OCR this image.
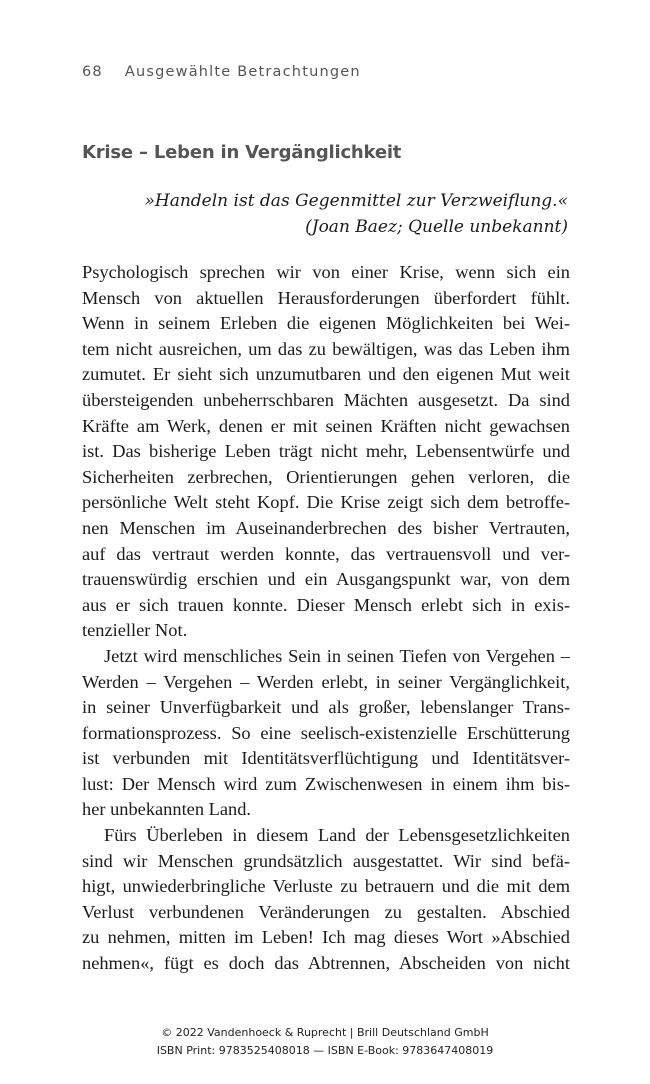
68 Ausgewählte Betrachtungen
Krise – Leben in Vergänglichkeit
»Handeln ist das Gegenmittel zur Verzweiflung.«
(Joan Baez; Quelle unbekannt)
Psychologisch sprechen wir von einer Krise, wenn sich ein
Mensch von aktuellen Herausforderungen überfordert fühlt.
Wenn in seinem Erleben die eigenen Möglichkeiten bei Wei-
tem nicht ausreichen, um das zu bewältigen, was das Leben ihm
zumutet. Er sieht sich unzumutbaren und den eigenen Mut weit
übersteigenden unbeherrschbaren Mächten ausgesetzt. Da sind
Kräfte am Werk, denen er mit seinen Kräften nicht gewachsen
ist. Das bisherige Leben trägt nicht mehr, Lebensentwürfe und
Sicherheiten zerbrechen, Orientierungen gehen verloren, die
persönliche Welt steht Kopf. Die Krise zeigt sich dem betroffe-
nen Menschen im Auseinanderbrechen des bisher Vertrauten,
auf das vertraut werden konnte, das vertrauensvoll und ver-
trauenswürdig erschien und ein Ausgangspunkt war, von dem
aus er sich trauen konnte. Dieser Mensch erlebt sich in exis-
tenzieller Not.
Jetzt wird menschliches Sein in seinen Tiefen von Vergehen –
Werden – Vergehen – Werden erlebt, in seiner Vergänglichkeit,
in seiner Unverfügbarkeit und als großer, lebenslanger Trans-
formationsprozess. So eine seelisch-existenzielle Erschütterung
ist verbunden mit Identitätsverflüchtigung und Identitätsver-
lust: Der Mensch wird zum Zwischenwesen in einem ihm bis-
her unbekannten Land.
Fürs Überleben in diesem Land der Lebensgesetzlichkeiten
sind wir Menschen grundsätzlich ausgestattet. Wir sind befä-
higt, unwiederbringliche Verluste zu betrauern und die mit dem
Verlust verbundenen Veränderungen zu gestalten. Abschied
zu nehmen, mitten im Leben! Ich mag dieses Wort »Abschied
nehmen«, fügt es doch das Abtrennen, Abscheiden von nicht
© 2022 Vandenhoeck & Ruprecht | Brill Deutschland GmbH
ISBN Print: 9783525408018 — ISBN E-Book: 9783647408019
